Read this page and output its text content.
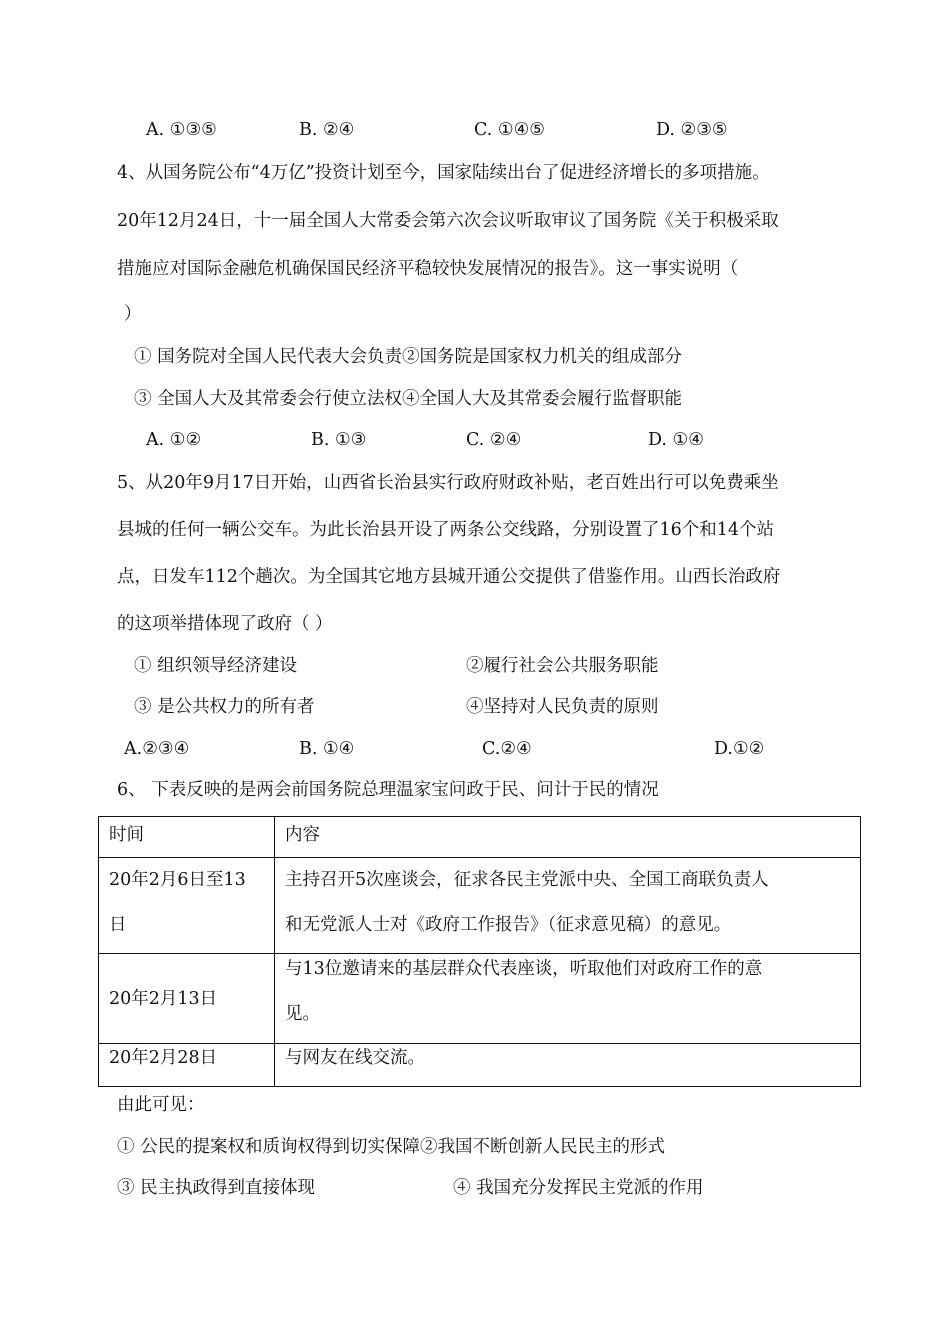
A. ①③⑤	B. ②④	C. ①④⑤	D. ②③⑤
4、从国务院公布“4万亿”投资计划至今，国家陆续出台了促进经济增长的多项措施。
20年12月24日，十一届全国人大常委会第六次会议听取审议了国务院《关于积极采取
措施应对国际金融危机确保国民经济平稳较快发展情况的报告》。这一事实说明（
）
① 国务院对全国人民代表大会负责②国务院是国家权力机关的组成部分
③ 全国人大及其常委会行使立法权④全国人大及其常委会履行监督职能
A. ①②	B. ①③	C. ②④	D. ①④
5、从20年9月17日开始，山西省长治县实行政府财政补贴，老百姓出行可以免费乘坐
县城的任何一辆公交车。为此长治县开设了两条公交线路，分别设置了16个和14个站
点，日发车112个趟次。为全国其它地方县城开通公交提供了借鉴作用。山西长治政府
的这项举措体现了政府（ ）
① 组织领导经济建设	②履行社会公共服务职能
③ 是公共权力的所有者	④坚持对人民负责的原则
A.②③④	B. ①④	C.②④	D.①②
6、 下表反映的是两会前国务院总理温家宝问政于民、问计于民的情况
时间	内容

20年2月6日至13
日	主持召开5次座谈会，征求各民主党派中央、全国工商联负责人
和无党派人士对《政府工作报告》（征求意见稿）的意见。

20年2月13日	与13位邀请来的基层群众代表座谈，听取他们对政府工作的意
见。

20年2月28日	与网友在线交流。
由此可见：
① 公民的提案权和质询权得到切实保障②我国不断创新人民民主的形式
③ 民主执政得到直接体现	④ 我国充分发挥民主党派的作用
